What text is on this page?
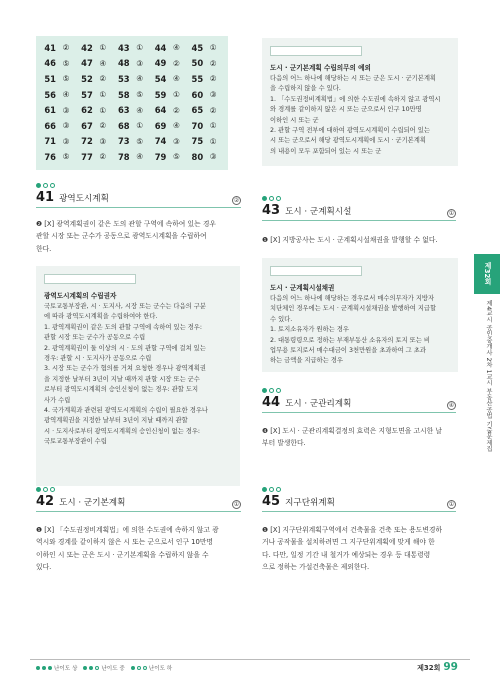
41 ②	42 ①	43 ①	44 ④	45 ①
46 ⑤	47 ④	48 ③	49 ②	50 ②
51 ⑤	52 ②	53 ④	54 ④	55 ②
56 ④	57 ①	58 ⑤	59 ①	60 ③
61 ③	62 ①	63 ④	64 ②	65 ②
66 ③	67 ②	68 ①	69 ④	70 ①
71 ③	72 ③	73 ⑤	74 ③	75 ①
76 ⑤	77 ②	78 ④	79 ⑤	80 ③
도시 · 군기본계획 수립의무의 예외
다음의 어느 하나에 해당하는 시 또는 군은 도시 · 군기본계획
을 수립하지 않을 수 있다.
1. 「수도권정비계획법」에 의한 수도권에 속하지 않고 광역시
와 경계를 같이하지 않은 시 또는 군으로서 인구 10만명
이하인 시 또는 군
2. 관할 구역 전부에 대하여 광역도시계획이 수립되어 있는
시 또는 군으로서 해당 광역도시계획에 도시 · 군기본계획
의 내용이 모두 포함되어 있는 시 또는 군
41 광역도시계획	②
❷ [X] 광역계획권이 같은 도의 관할 구역에 속하여 있는 경우
관할 시장 또는 군수가 공동으로 광역도시계획을 수립하여
한다.
광역도시계획의 수립권자
국토교통부장관, 시 · 도지사, 시장 또는 군수는 다음의 구분
에 따라 광역도시계획을 수립하여야 한다.
1. 광역계획권이 같은 도의 관할 구역에 속하여 있는 경우:
관할 시장 또는 군수가 공동으로 수립
2. 광역계획권이 둘 이상의 시 · 도의 관할 구역에 걸쳐 있는
경우: 관할 시 · 도지사가 공동으로 수립
3. 시장 또는 군수가 협의를 거쳐 요청한 경우나 광역계획권
을 지정한 날부터 3년이 지날 때까지 관할 시장 또는 군수
로부터 광역도시계획의 승인신청이 없는 경우: 관할 도지
사가 수립
4. 국가계획과 관련된 광역도시계획의 수립이 필요한 경우나
광역계획권을 지정한 날부터 3년이 지날 때까지 관할
시 · 도지사로부터 광역도시계획의 승인신청이 없는 경우:
국토교통부장관이 수립
42 도시 · 군기본계획	①
❶ [X] 「수도권정비계획법」에 의한 수도권에 속하지 않고 광
역시와 경계를 같이하지 않은 시 또는 군으로서 인구 10만명
이하인 시 또는 군은 도시 · 군기본계획을 수립하지 않을 수
있다.
43 도시 · 군계획시설	①
❶ [X] 지방공사는 도시 · 군계획시설채권을 발행할 수 없다.
도시 · 군계획시설채권
다음의 어느 하나에 해당하는 경우로서 매수의무자가 지방자
치단체인 경우에는 도시 · 군계획시설채권을 발행하여 지급할
수 있다.
1. 토지소유자가 원하는 경우
2. 대통령령으로 정하는 부재부동산 소유자의 토지 또는 비
업무용 토지로서 매수대금이 3천만원을 초과하여 그 초과
하는 금액을 지급하는 경우
44 도시 · 군관리계획	④
❹ [X] 도시 · 군관리계획결정의 효력은 지형도면을 고시한 날
부터 발생한다.
45 지구단위계획	①
❶ [X] 지구단위계획구역에서 건축물을 건축 또는 용도변경하
거나 공작물을 설치하려면 그 지구단위계획에 맞게 해야 한
다. 다만, 일정 기간 내 철거가 예상되는 경우 등 대통령령
으로 정하는 가설건축물은 제외한다.
제32회
제4교시 공인중개사 2차 1교시 부동산공법 기출문제집
난이도 상	난이도 중	난이도 하	제32회 99
